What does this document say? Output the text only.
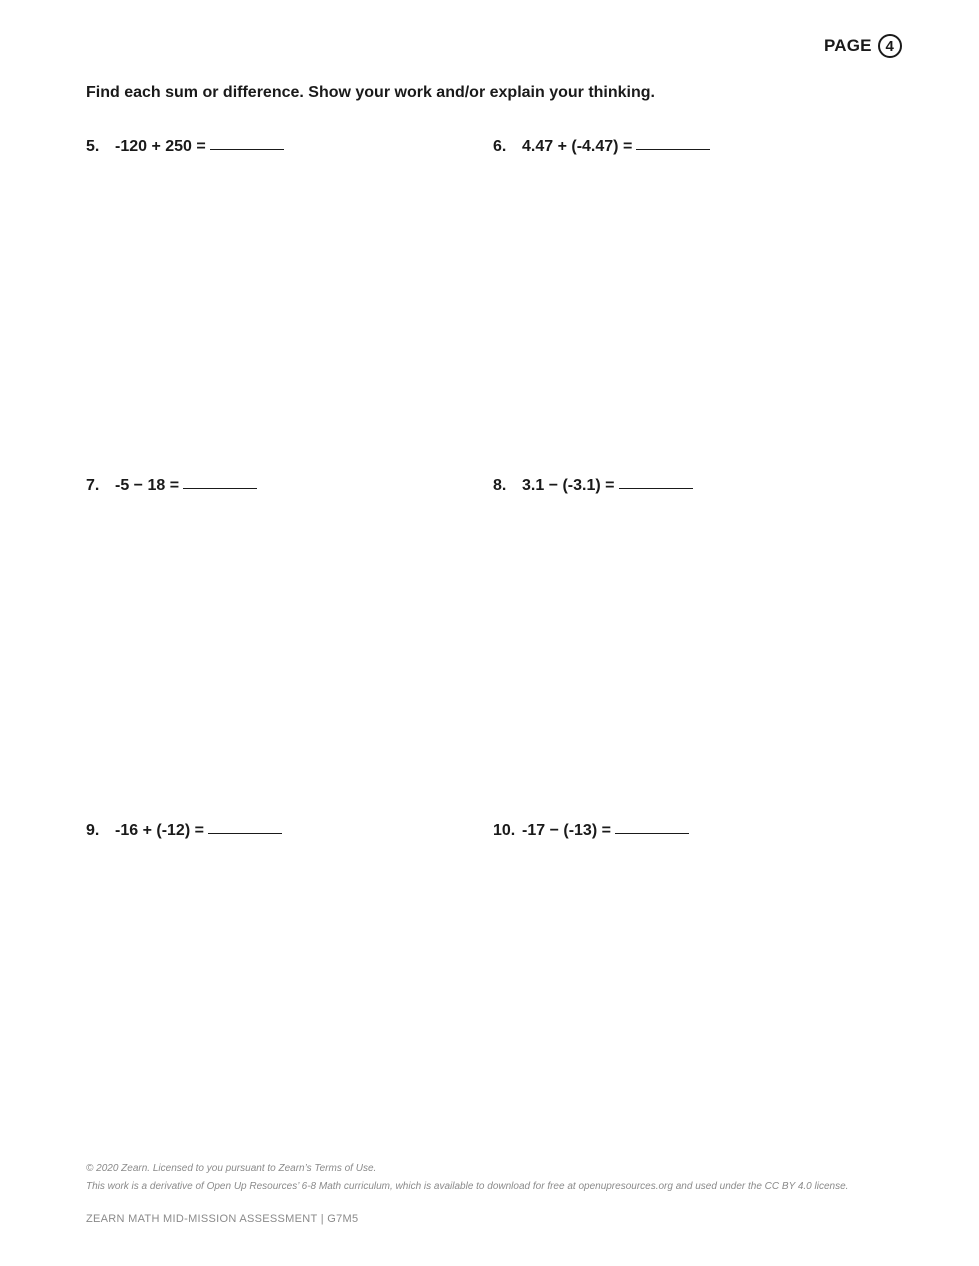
PAGE 4
Find each sum or difference. Show your work and/or explain your thinking.
5. -120 + 250 =	6. 4.47 + (-4.47) =
7. -5 − 18 =	8. 3.1 − (-3.1) =
9. -16 + (-12) =	10. -17 − (-13) =
© 2020 Zearn. Licensed to you pursuant to Zearn’s Terms of Use.
This work is a derivative of Open Up Resources’ 6-8 Math curriculum, which is available to download for free at openupresources.org and used under the CC BY 4.0 license.
ZEARN MATH MID-MISSION ASSESSMENT | G7M5
